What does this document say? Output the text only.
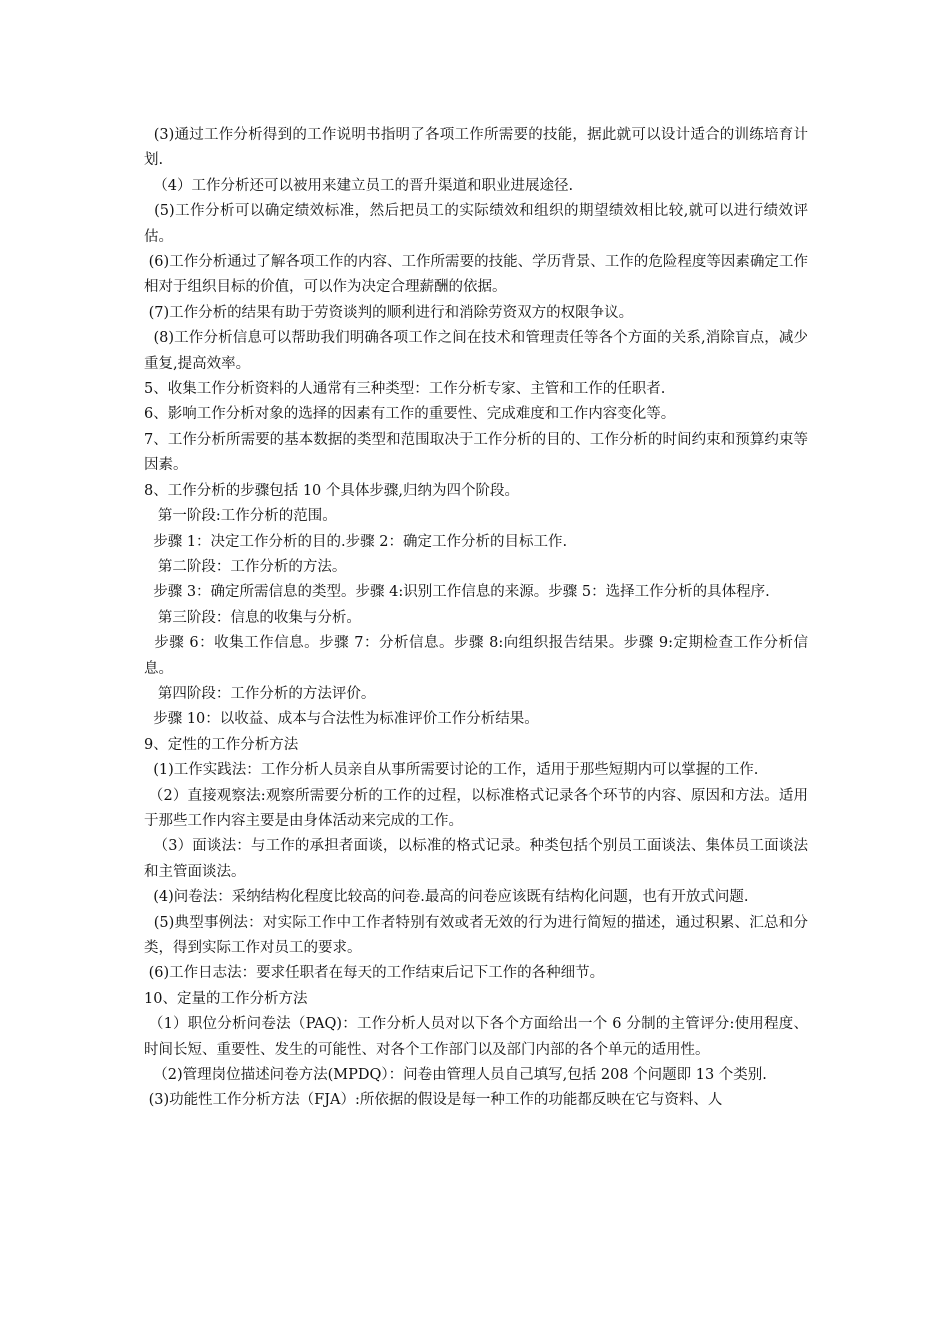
(3)通过工作分析得到的工作说明书指明了各项工作所需要的技能，据此就可以设计适合的训练培育计划.

（4）工作分析还可以被用来建立员工的晋升渠道和职业进展途径.

(5)工作分析可以确定绩效标准，然后把员工的实际绩效和组织的期望绩效相比较,就可以进行绩效评估。

(6)工作分析通过了解各项工作的内容、工作所需要的技能、学历背景、工作的危险程度等因素确定工作相对于组织目标的价值，可以作为决定合理薪酬的依据。

(7)工作分析的结果有助于劳资谈判的顺利进行和消除劳资双方的权限争议。

(8)工作分析信息可以帮助我们明确各项工作之间在技术和管理责任等各个方面的关系,消除盲点，减少重复,提高效率。

5、收集工作分析资料的人通常有三种类型：工作分析专家、主管和工作的任职者.

6、影响工作分析对象的选择的因素有工作的重要性、完成难度和工作内容变化等。

7、工作分析所需要的基本数据的类型和范围取决于工作分析的目的、工作分析的时间约束和预算约束等因素。

8、工作分析的步骤包括 10 个具体步骤,归纳为四个阶段。

第一阶段:工作分析的范围。

步骤 1：决定工作分析的目的.步骤 2：确定工作分析的目标工作.

第二阶段：工作分析的方法。

步骤 3：确定所需信息的类型。步骤 4:识别工作信息的来源。步骤 5：选择工作分析的具体程序.

第三阶段：信息的收集与分析。

步骤 6：收集工作信息。步骤 7：分析信息。步骤 8:向组织报告结果。步骤 9:定期检查工作分析信息。

第四阶段：工作分析的方法评价。

步骤 10：以收益、成本与合法性为标准评价工作分析结果。

9、定性的工作分析方法

(1)工作实践法：工作分析人员亲自从事所需要讨论的工作，适用于那些短期内可以掌握的工作.

（2）直接观察法:观察所需要分析的工作的过程，以标准格式记录各个环节的内容、原因和方法。适用于那些工作内容主要是由身体活动来完成的工作。

（3）面谈法：与工作的承担者面谈，以标准的格式记录。种类包括个别员工面谈法、集体员工面谈法和主管面谈法。

(4)问卷法：采纳结构化程度比较高的问卷.最高的问卷应该既有结构化问题，也有开放式问题.

(5)典型事例法：对实际工作中工作者特别有效或者无效的行为进行简短的描述，通过积累、汇总和分类，得到实际工作对员工的要求。

(6)工作日志法：要求任职者在每天的工作结束后记下工作的各种细节。

10、定量的工作分析方法

（1）职位分析问卷法（PAQ)：工作分析人员对以下各个方面给出一个 6 分制的主管评分:使用程度、时间长短、重要性、发生的可能性、对各个工作部门以及部门内部的各个单元的适用性。

（2)管理岗位描述问卷方法(MPDQ）：问卷由管理人员自己填写,包括 208 个问题即 13 个类别.

(3)功能性工作分析方法（FJA）:所依据的假设是每一种工作的功能都反映在它与资料、人
